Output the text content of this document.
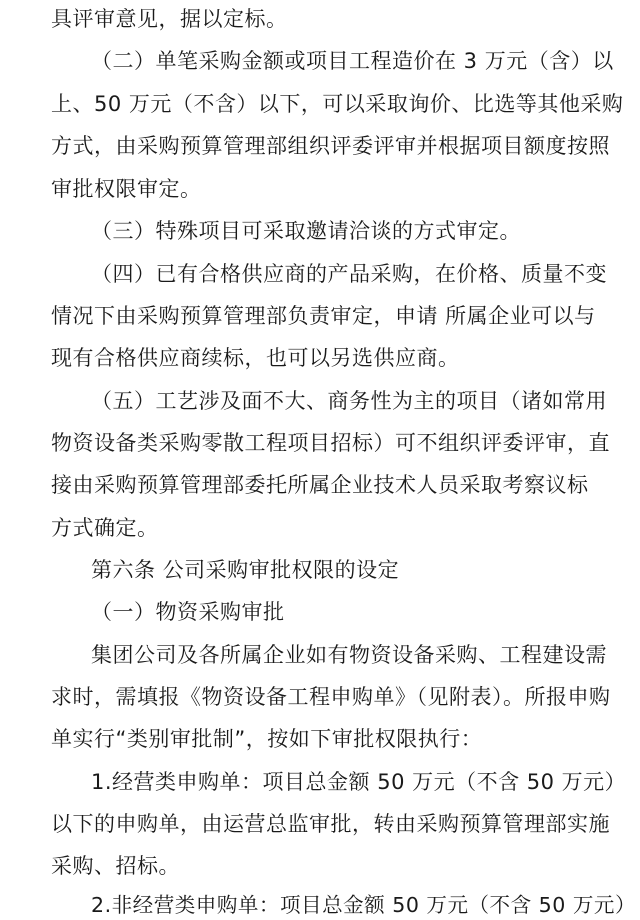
具评审意见，据以定标。
（二）单笔采购金额或项目工程造价在 3 万元（含）以
上、50 万元（不含）以下，可以采取询价、比选等其他采购
方式，由采购预算管理部组织评委评审并根据项目额度按照
审批权限审定。
（三）特殊项目可采取邀请洽谈的方式审定。
（四）已有合格供应商的产品采购，在价格、质量不变
情况下由采购预算管理部负责审定，申请 所属企业可以与
现有合格供应商续标，也可以另选供应商。
（五）工艺涉及面不大、商务性为主的项目（诸如常用
物资设备类采购零散工程项目招标）可不组织评委评审，直
接由采购预算管理部委托所属企业技术人员采取考察议标
方式确定。
第六条 公司采购审批权限的设定
（一）物资采购审批
集团公司及各所属企业如有物资设备采购、工程建设需
求时，需填报《物资设备工程申购单》（见附表）。所报申购
单实行“类别审批制”，按如下审批权限执行：
1.经营类申购单：项目总金额 50 万元（不含 50 万元）
以下的申购单，由运营总监审批，转由采购预算管理部实施
采购、招标。
2.非经营类申购单：项目总金额 50 万元（不含 50 万元）
